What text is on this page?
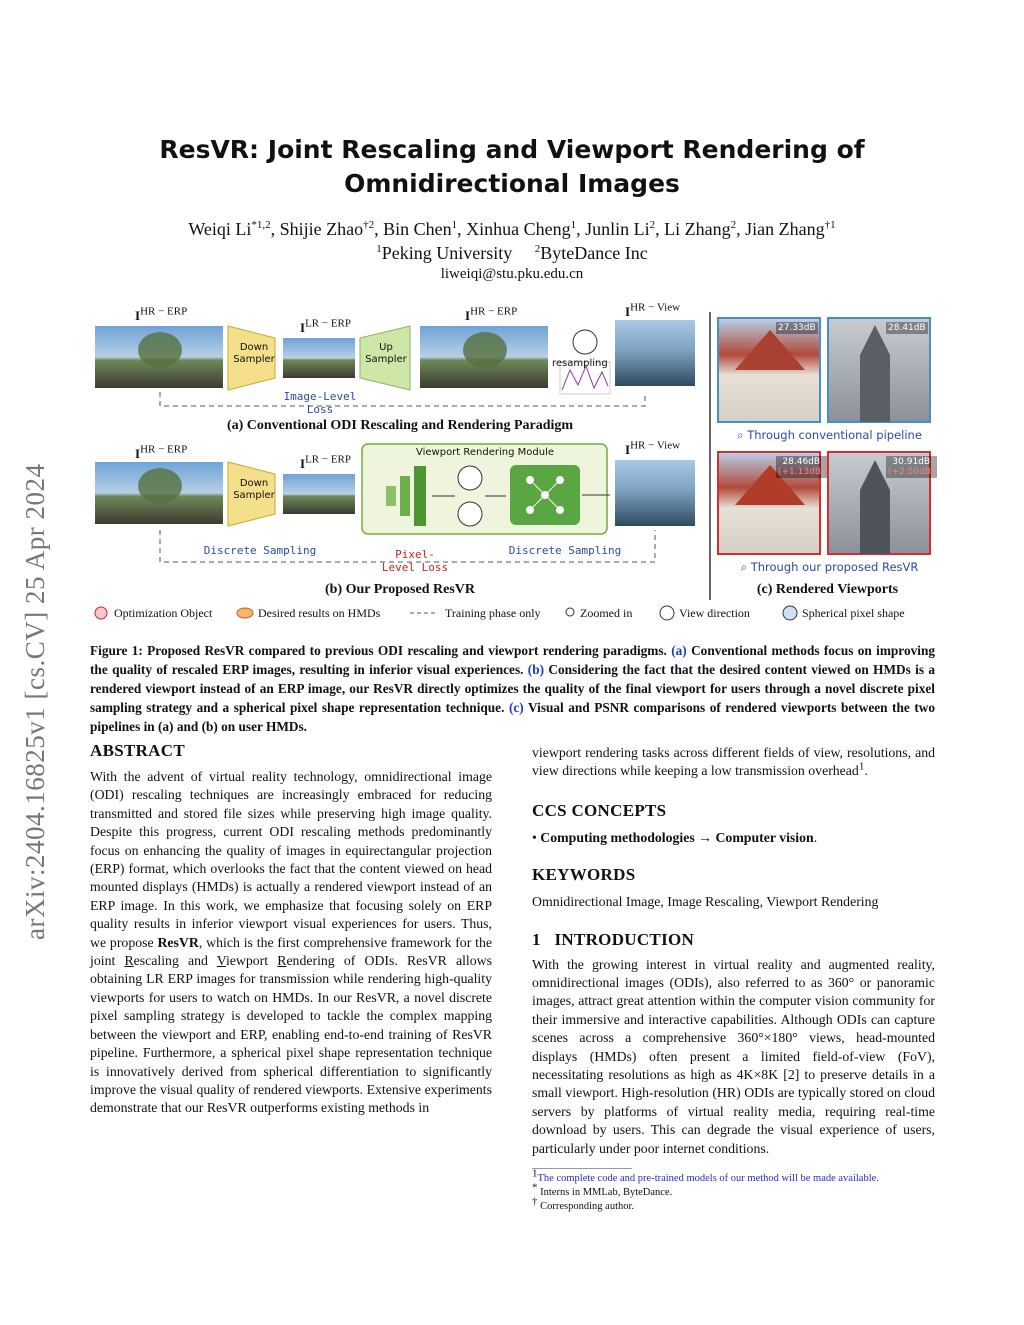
arXiv:2404.16825v1 [cs.CV] 25 Apr 2024
ResVR: Joint Rescaling and Viewport Rendering of
Omnidirectional Images
Weiqi Li$^{*1,2}$, Shijie Zhao$^{\dagger 2}$, Bin Chen$^1$, Xinhua Cheng$^1$, Junlin Li$^2$, Li Zhang$^2$, Jian Zhang$^{\dagger 1}$
$^1$Peking University $^2$ByteDance Inc
liweiqi@stu.pku.edu.cn
$I^{HR - ERP}$
$I^{LR - ERP}$
$I^{HR - ERP}$	$I^{HR - View}$
Down Sampler
Up Sampler	resampling
Image-Level Loss
(a) Conventional ODI Rescaling and Rendering Paradigm
$I^{HR - ERP}$
$I^{LR - ERP}$
$I^{HR - View}$
Down Sampler
Viewport Rendering Module
Discrete Sampling	Pixel-Level Loss
Discrete Sampling
(b) Our Proposed ResVR
27.33dB	28.41dB
28.46dB
(+1.13dB)
30.91dB
(+2.50dB)
⌕ Through conventional pipeline
⌕ Through our proposed ResVR
(c) Rendered Viewports
Optimization Object	Desired results on HMDs	Training phase only	Zoomed in	View direction	Spherical pixel shape
Figure 1: Proposed ResVR compared to previous ODI rescaling and viewport rendering paradigms. (a) Conventional methods focus on improving the quality of rescaled ERP images, resulting in inferior visual experiences. (b) Considering the fact that the desired content viewed on HMDs is a rendered viewport instead of an ERP image, our ResVR directly optimizes the quality of the final viewport for users through a novel discrete pixel sampling strategy and a spherical pixel shape representation technique. (c) Visual and PSNR comparisons of rendered viewports between the two pipelines in (a) and (b) on user HMDs.
ABSTRACT
With the advent of virtual reality technology, omnidirectional image (ODI) rescaling techniques are increasingly embraced for reducing transmitted and stored file sizes while preserving high image quality. Despite this progress, current ODI rescaling methods predominantly focus on enhancing the quality of images in equirectangular projection (ERP) format, which overlooks the fact that the content viewed on head mounted displays (HMDs) is actually a rendered viewport instead of an ERP image. In this work, we emphasize that focusing solely on ERP quality results in inferior viewport visual experiences for users. Thus, we propose ResVR, which is the first comprehensive framework for the joint Rescaling and Viewport Rendering of ODIs. ResVR allows obtaining LR ERP images for transmission while rendering high-quality viewports for users to watch on HMDs. In our ResVR, a novel discrete pixel sampling strategy is developed to tackle the complex mapping between the viewport and ERP, enabling end-to-end training of ResVR pipeline. Furthermore, a spherical pixel shape representation technique is innovatively derived from spherical differentiation to significantly improve the visual quality of rendered viewports. Extensive experiments demonstrate that our ResVR outperforms existing methods in
viewport rendering tasks across different fields of view, resolutions, and view directions while keeping a low transmission overhead$^1$.
CCS CONCEPTS
• Computing methodologies → Computer vision.
KEYWORDS
Omnidirectional Image, Image Rescaling, Viewport Rendering
1 INTRODUCTION
With the growing interest in virtual reality and augmented reality, omnidirectional images (ODIs), also referred to as 360° or panoramic images, attract great attention within the computer vision community for their immersive and interactive capabilities. Although ODIs can capture scenes across a comprehensive 360°×180° views, head-mounted displays (HMDs) often present a limited field-of-view (FoV), necessitating resolutions as high as 4K×8K [2] to preserve details in a small viewport. High-resolution (HR) ODIs are typically stored on cloud servers by platforms of virtual reality media, requiring real-time download by users. This can degrade the visual experience of users, particularly under poor internet conditions.
$^1$The complete code and pre-trained models of our method will be made available.
* Interns in MMLab, ByteDance.
† Corresponding author.
